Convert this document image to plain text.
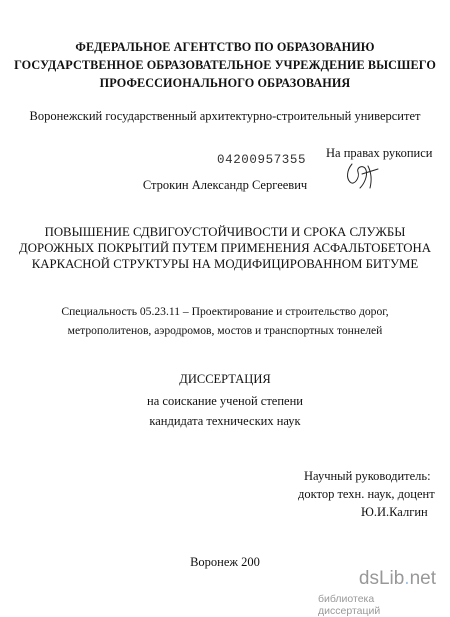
ФЕДЕРАЛЬНОЕ АГЕНТСТВО ПО ОБРАЗОВАНИЮ
ГОСУДАРСТВЕННОЕ ОБРАЗОВАТЕЛЬНОЕ УЧРЕЖДЕНИЕ ВЫСШЕГО
ПРОФЕССИОНАЛЬНОГО ОБРАЗОВАНИЯ
Воронежский государственный архитектурно-строительный университет
На правах рукописи
04200957355
Строкин Александр Сергеевич
ПОВЫШЕНИЕ СДВИГОУСТОЙЧИВОСТИ И СРОКА СЛУЖБЫ
ДОРОЖНЫХ ПОКРЫТИЙ ПУТЕМ ПРИМЕНЕНИЯ АСФАЛЬТОБЕТОНА
КАРКАСНОЙ СТРУКТУРЫ НА МОДИФИЦИРОВАННОМ БИТУМЕ
Специальность 05.23.11 – Проектирование и строительство дорог,
метрополитенов, аэродромов, мостов и транспортных тоннелей
ДИССЕРТАЦИЯ
на соискание ученой степени
кандидата технических наук
Научный руководитель:
доктор техн. наук, доцент
Ю.И.Калгин
Воронеж 200
dsLib.net
библиотека диссертаций
